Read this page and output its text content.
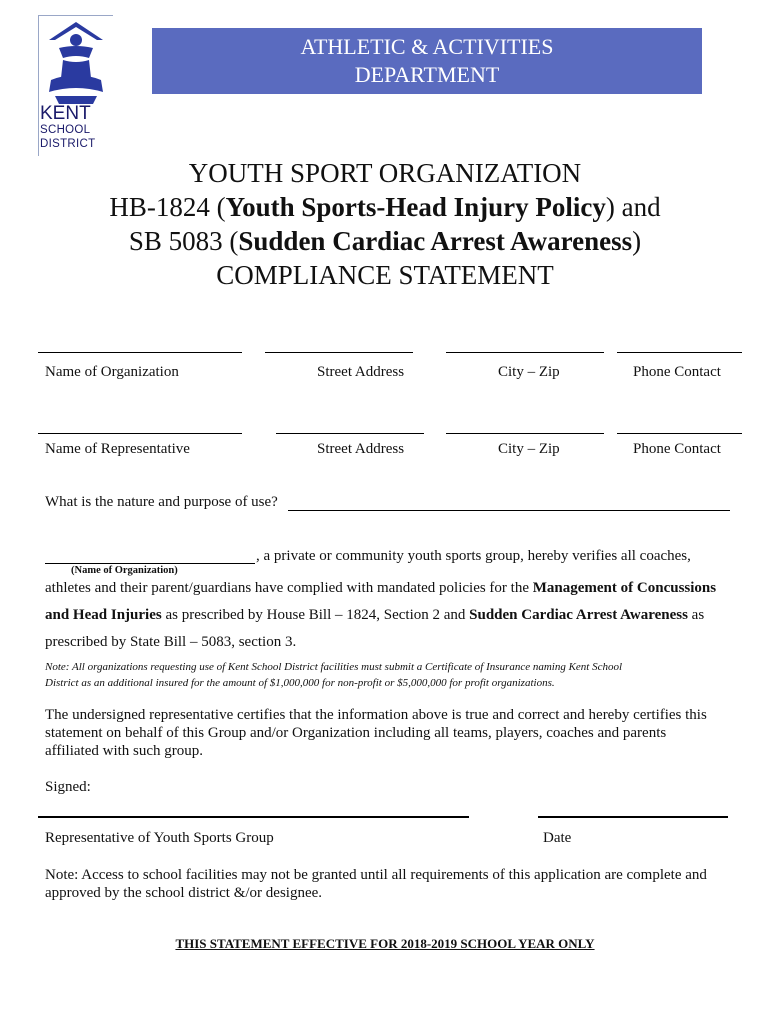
KENT
SCHOOL
DISTRICT
ATHLETIC & ACTIVITIES
DEPARTMENT
YOUTH SPORT ORGANIZATION
HB-1824 (Youth Sports-Head Injury Policy) and
SB 5083 (Sudden Cardiac Arrest Awareness)
COMPLIANCE STATEMENT
Name of Organization	Street Address	City – Zip	Phone Contact
Name of Representative	Street Address	City – Zip	Phone Contact
What is the nature and purpose of use?
, a private or community youth sports group, hereby verifies all coaches,
(Name of Organization)
athletes and their parent/guardians have complied with mandated policies for the Management of Concussions
and Head Injuries as prescribed by House Bill – 1824, Section 2 and Sudden Cardiac Arrest Awareness as
prescribed by State Bill – 5083, section 3.
Note: All organizations requesting use of Kent School District facilities must submit a Certificate of Insurance naming Kent School
District as an additional insured for the amount of $1,000,000 for non-profit or $5,000,000 for profit organizations.
The undersigned representative certifies that the information above is true and correct and hereby certifies this
statement on behalf of this Group and/or Organization including all teams, players, coaches and parents
affiliated with such group.
Signed:
Representative of Youth Sports Group	Date
Note: Access to school facilities may not be granted until all requirements of this application are complete and
approved by the school district &/or designee.
THIS STATEMENT EFFECTIVE FOR 2018-2019 SCHOOL YEAR ONLY
